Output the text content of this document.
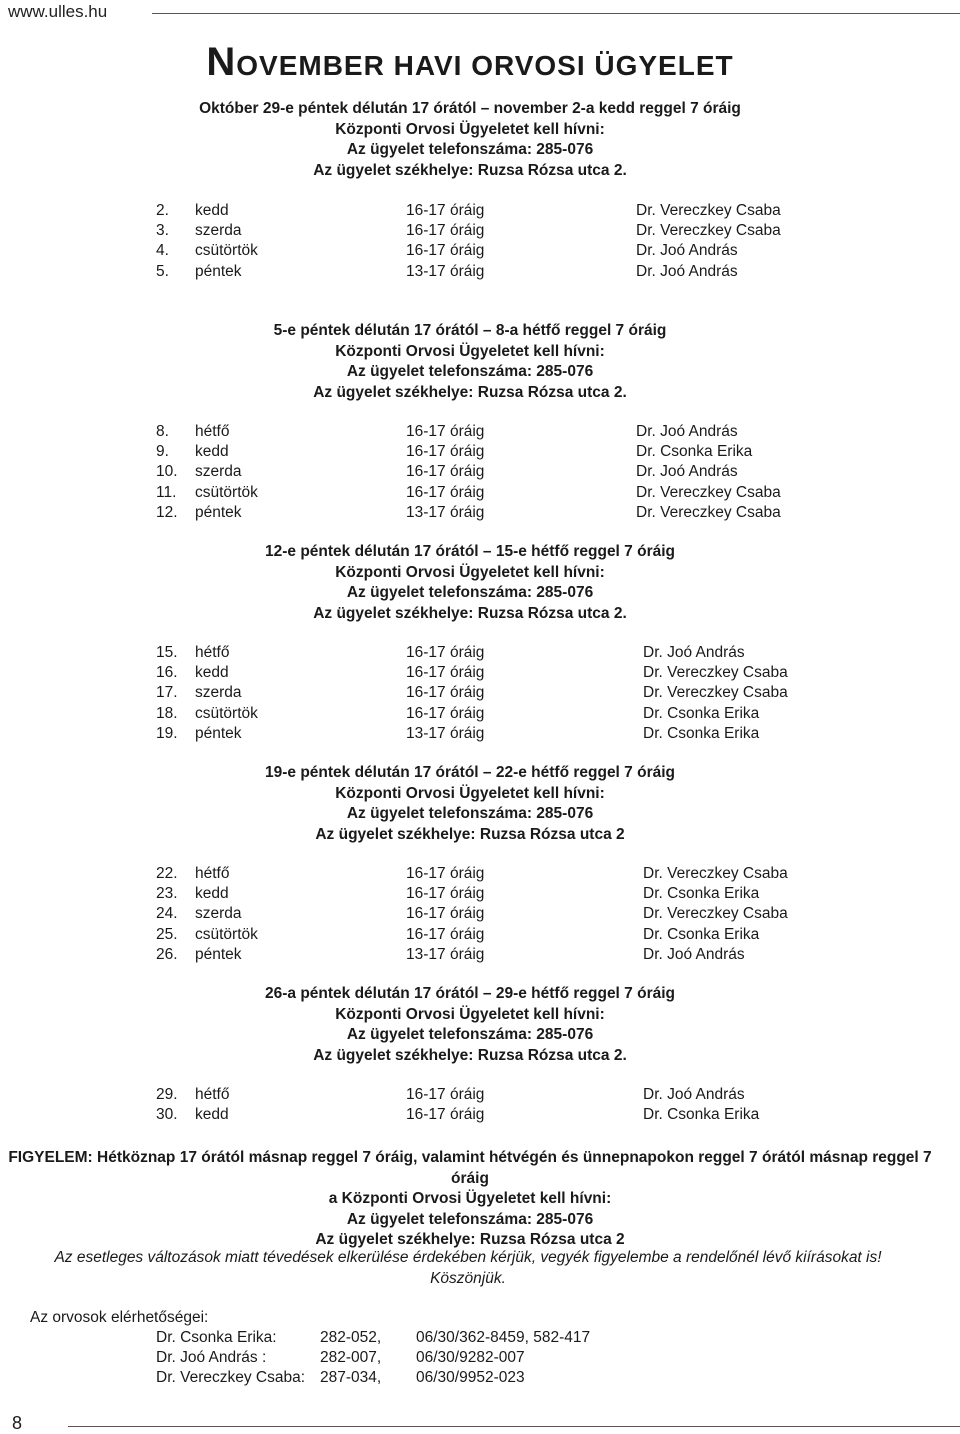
www.ulles.hu
NOVEMBER HAVI ORVOSI ÜGYELET
Október 29-e péntek délután 17 órától – november 2-a kedd reggel 7 óráig
Központi Orvosi Ügyeletet kell hívni:
Az ügyelet telefonszáma: 285-076
Az ügyelet székhelye: Ruzsa Rózsa utca 2.
2. kedd	16-17 óráig	Dr. Vereczkey Csaba
3. szerda	16-17 óráig	Dr. Vereczkey Csaba
4. csütörtök	16-17 óráig	Dr. Joó András
5. péntek	13-17 óráig	Dr. Joó András
5-e péntek délután 17 órától – 8-a hétfő reggel 7 óráig
Központi Orvosi Ügyeletet kell hívni:
Az ügyelet telefonszáma: 285-076
Az ügyelet székhelye: Ruzsa Rózsa utca 2.
8. hétfő	16-17 óráig	Dr. Joó András
9. kedd	16-17 óráig	Dr. Csonka Erika
10. szerda	16-17 óráig	Dr. Joó András
11. csütörtök	16-17 óráig	Dr. Vereczkey Csaba
12. péntek	13-17 óráig	Dr. Vereczkey Csaba
12-e péntek délután 17 órától – 15-e hétfő reggel 7 óráig
Központi Orvosi Ügyeletet kell hívni:
Az ügyelet telefonszáma: 285-076
Az ügyelet székhelye: Ruzsa Rózsa utca 2.
15. hétfő	16-17 óráig	Dr. Joó András
16. kedd	16-17 óráig	Dr. Vereczkey Csaba
17. szerda	16-17 óráig	Dr. Vereczkey Csaba
18. csütörtök	16-17 óráig	Dr. Csonka Erika
19. péntek	13-17 óráig	Dr. Csonka Erika
19-e péntek délután 17 órától – 22-e hétfő reggel 7 óráig
Központi Orvosi Ügyeletet kell hívni:
Az ügyelet telefonszáma: 285-076
Az ügyelet székhelye: Ruzsa Rózsa utca 2
22. hétfő	16-17 óráig	Dr. Vereczkey Csaba
23. kedd	16-17 óráig	Dr. Csonka Erika
24. szerda	16-17 óráig	Dr. Vereczkey Csaba
25. csütörtök	16-17 óráig	Dr. Csonka Erika
26. péntek	13-17 óráig	Dr. Joó András
26-a péntek délután 17 órától – 29-e hétfő reggel 7 óráig
Központi Orvosi Ügyeletet kell hívni:
Az ügyelet telefonszáma: 285-076
Az ügyelet székhelye: Ruzsa Rózsa utca 2.
29. hétfő	16-17 óráig	Dr. Joó András
30. kedd	16-17 óráig	Dr. Csonka Erika
FIGYELEM: Hétköznap 17 órától másnap reggel 7 óráig, valamint hétvégén és ünnepnapokon reggel 7 órától másnap reggel 7 óráig
a Központi Orvosi Ügyeletet kell hívni:
Az ügyelet telefonszáma: 285-076
Az ügyelet székhelye: Ruzsa Rózsa utca 2
Az esetleges változások miatt tévedések elkerülése érdekében kérjük, vegyék figyelembe a rendelőnél lévő kiírásokat is!
Köszönjük.
Az orvosok elérhetőségei:
Dr. Csonka Erika:	282-052, 06/30/362-8459, 582-417
Dr. Joó András :	282-007, 06/30/9282-007
Dr. Vereczkey Csaba: 287-034, 06/30/9952-023
8
